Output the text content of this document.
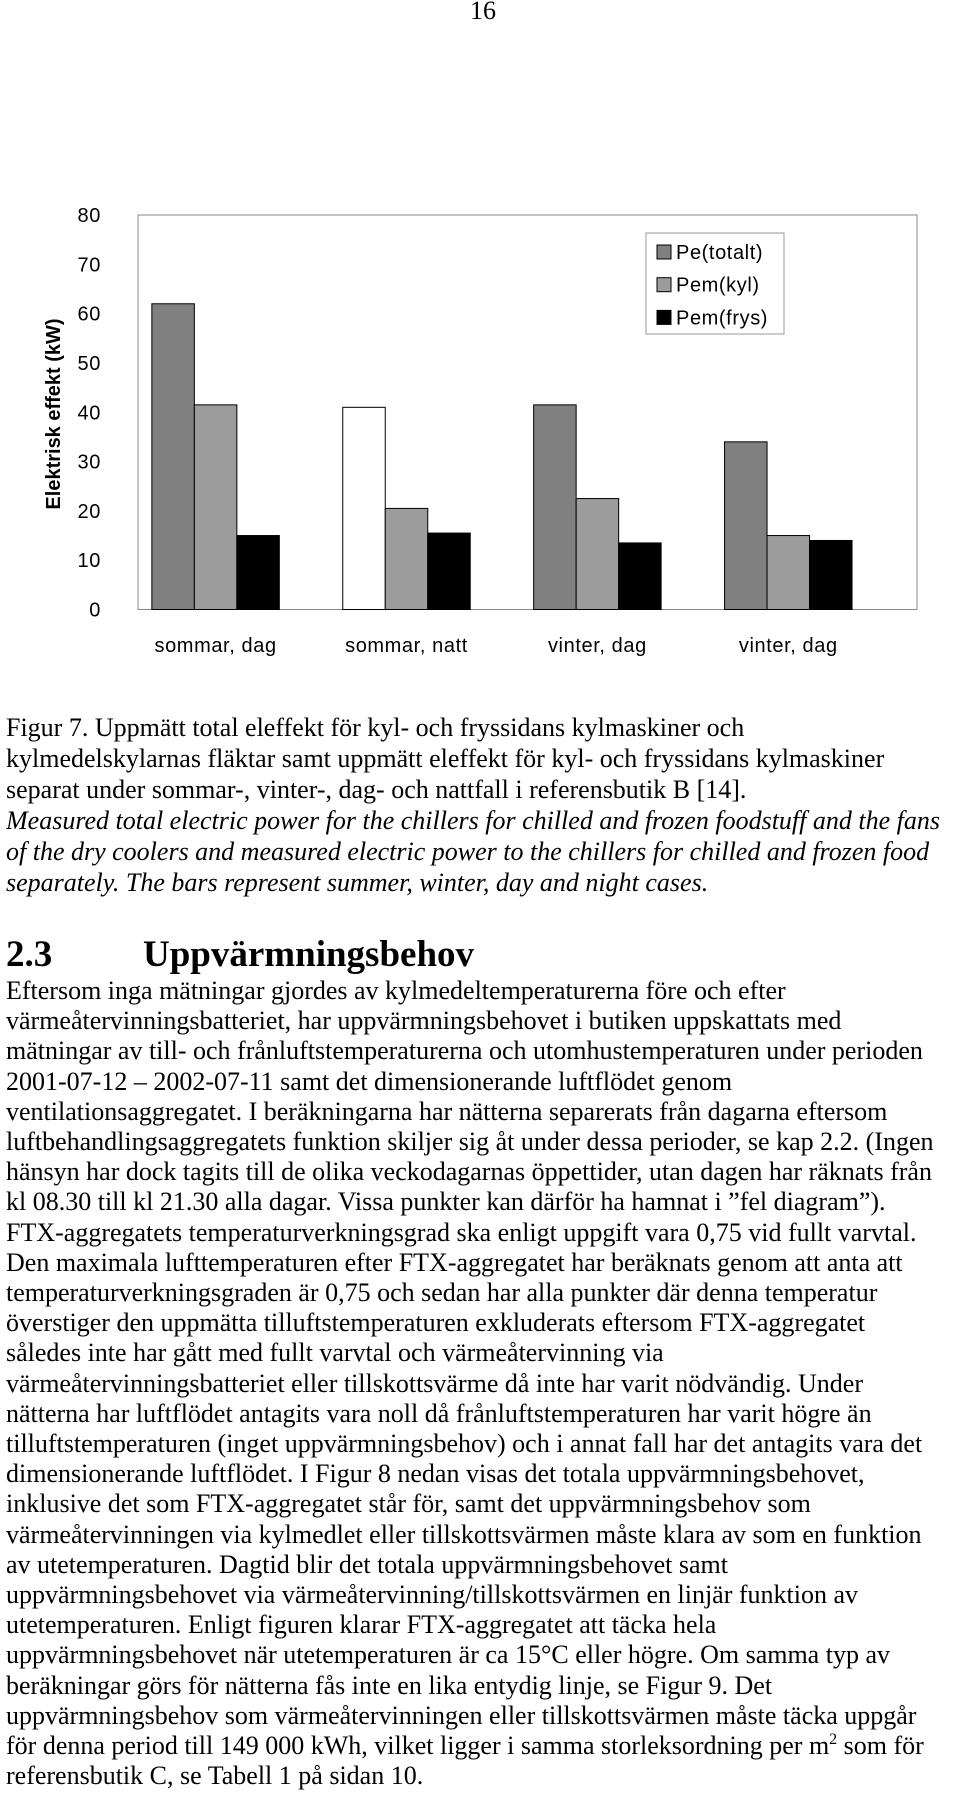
16
Elektrisk effekt (kW)
0
10
20
30
40
50
60
70
80
sommar, dag	sommar, natt	vinter, dag	vinter, dag
Pe(totalt)
Pem(kyl)
Pem(frys)
Figur 7. Uppmätt total eleffekt för kyl- och fryssidans kylmaskiner och
kylmedelskylarnas fläktar samt uppmätt eleffekt för kyl- och fryssidans kylmaskiner
separat under sommar-, vinter-, dag- och nattfall i referensbutik B [14].
Measured total electric power for the chillers for chilled and frozen foodstuff and the fans
of the dry coolers and measured electric power to the chillers for chilled and frozen food
separately. The bars represent summer, winter, day and night cases.
2.3 Uppvärmningsbehov
Eftersom inga mätningar gjordes av kylmedeltemperaturerna före och efter
värmeåtervinningsbatteriet, har uppvärmningsbehovet i butiken uppskattats med
mätningar av till- och frånluftstemperaturerna och utomhustemperaturen under perioden
2001-07-12 – 2002-07-11 samt det dimensionerande luftflödet genom
ventilationsaggregatet. I beräkningarna har nätterna separerats från dagarna eftersom
luftbehandlingsaggregatets funktion skiljer sig åt under dessa perioder, se kap 2.2. (Ingen
hänsyn har dock tagits till de olika veckodagarnas öppettider, utan dagen har räknats från
kl 08.30 till kl 21.30 alla dagar. Vissa punkter kan därför ha hamnat i ”fel diagram”).
FTX-aggregatets temperaturverkningsgrad ska enligt uppgift vara 0,75 vid fullt varvtal.
Den maximala lufttemperaturen efter FTX-aggregatet har beräknats genom att anta att
temperaturverkningsgraden är 0,75 och sedan har alla punkter där denna temperatur
överstiger den uppmätta tilluftstemperaturen exkluderats eftersom FTX-aggregatet
således inte har gått med fullt varvtal och värmeåtervinning via
värmeåtervinningsbatteriet eller tillskottsvärme då inte har varit nödvändig. Under
nätterna har luftflödet antagits vara noll då frånluftstemperaturen har varit högre än
tilluftstemperaturen (inget uppvärmningsbehov) och i annat fall har det antagits vara det
dimensionerande luftflödet. I Figur 8 nedan visas det totala uppvärmningsbehovet,
inklusive det som FTX-aggregatet står för, samt det uppvärmningsbehov som
värmeåtervinningen via kylmedlet eller tillskottsvärmen måste klara av som en funktion
av utetemperaturen. Dagtid blir det totala uppvärmningsbehovet samt
uppvärmningsbehovet via värmeåtervinning/tillskottsvärmen en linjär funktion av
utetemperaturen. Enligt figuren klarar FTX-aggregatet att täcka hela
uppvärmningsbehovet när utetemperaturen är ca 15°C eller högre. Om samma typ av
beräkningar görs för nätterna fås inte en lika entydig linje, se Figur 9. Det
uppvärmningsbehov som värmeåtervinningen eller tillskottsvärmen måste täcka uppgår
för denna period till 149 000 kWh, vilket ligger i samma storleksordning per $m^2$ som för
referensbutik C, se Tabell 1 på sidan 10.
